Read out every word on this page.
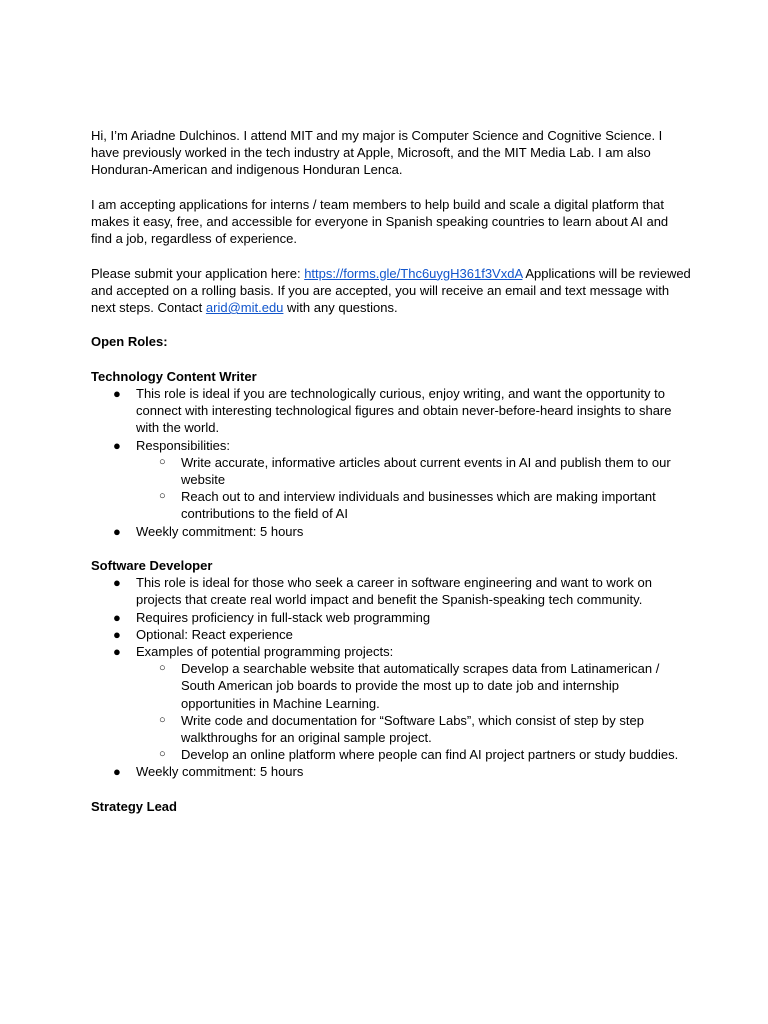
Hi, I’m Ariadne Dulchinos. I attend MIT and my major is Computer Science and Cognitive Science. I have previously worked in the tech industry at Apple, Microsoft, and the MIT Media Lab. I am also Honduran-American and indigenous Honduran Lenca.

I am accepting applications for interns / team members to help build and scale a digital platform that makes it easy, free, and accessible for everyone in Spanish speaking countries to learn about AI and find a job, regardless of experience.

Please submit your application here: https://forms.gle/Thc6uygH361f3VxdA Applications will be reviewed and accepted on a rolling basis. If you are accepted, you will receive an email and text message with next steps. Contact arid@mit.edu with any questions.

Open Roles:

Technology Content Writer

● This role is ideal if you are technologically curious, enjoy writing, and want the opportunity to connect with interesting technological figures and obtain never-before-heard insights to share with the world.
● Responsibilities:
○ Write accurate, informative articles about current events in AI and publish them to our website
○ Reach out to and interview individuals and businesses which are making important contributions to the field of AI
● Weekly commitment: 5 hours

Software Developer

● This role is ideal for those who seek a career in software engineering and want to work on projects that create real world impact and benefit the Spanish-speaking tech community.
● Requires proficiency in full-stack web programming
● Optional: React experience
● Examples of potential programming projects:
○ Develop a searchable website that automatically scrapes data from Latinamerican / South American job boards to provide the most up to date job and internship opportunities in Machine Learning.
○ Write code and documentation for “Software Labs”, which consist of step by step walkthroughs for an original sample project.
○ Develop an online platform where people can find AI project partners or study buddies.
● Weekly commitment: 5 hours

Strategy Lead
